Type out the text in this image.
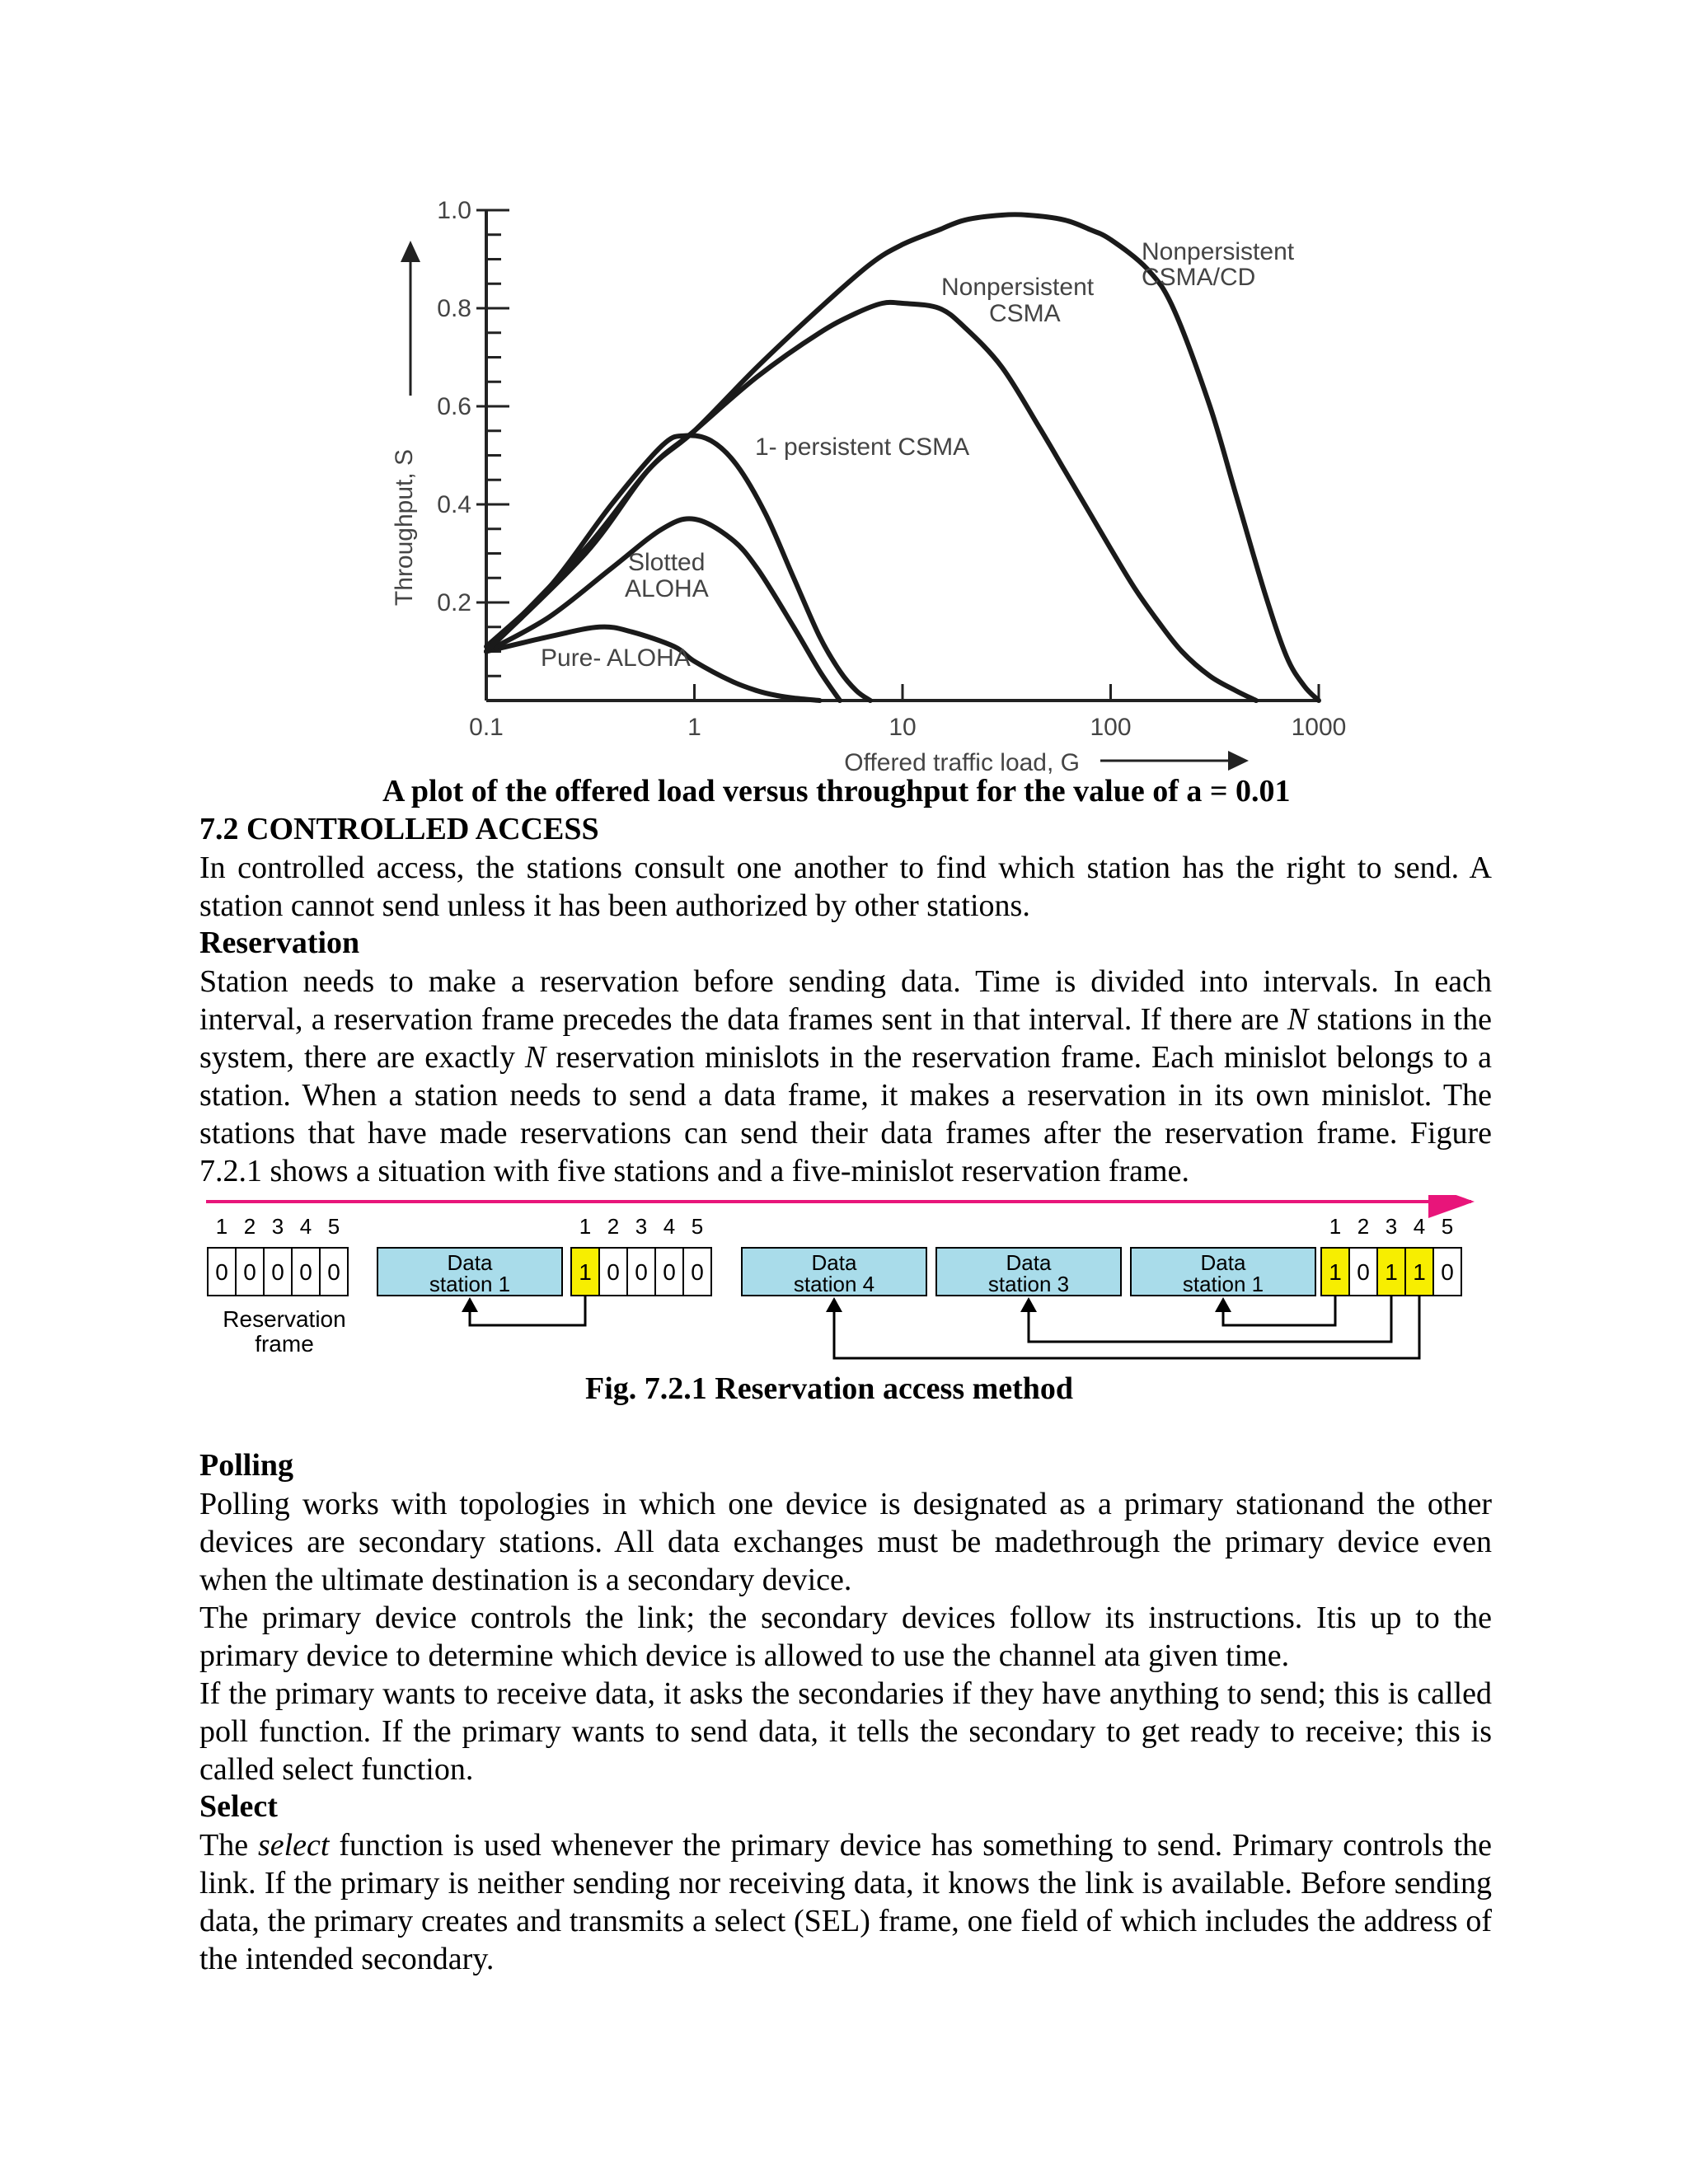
0.2
0.4
0.6
0.8
1.0
0.1	1	10	100	1000
Offered traffic load, G
Throughput, S
Pure- ALOHA
Slotted
ALOHA
1- persistent CSMA
Nonpersistent
CSMA
Nonpersistent
CSMA/CD
A plot of the offered load versus throughput for the value of a = 0.01
7.2 CONTROLLED ACCESS

In controlled access, the stations consult one another to find which station has the right to send. A station cannot send unless it has been authorized by other stations.

Reservation

Station needs to make a reservation before sending data. Time is divided into intervals. In each interval, a reservation frame precedes the data frames sent in that interval. If there are N stations in the system, there are exactly N reservation minislots in the reservation frame. Each minislot belongs to a station. When a station needs to send a data frame, it makes a reservation in its own minislot. The stations that have made reservations can send their data frames after the reservation frame. Figure 7.2.1 shows a situation with five stations and a five-minislot reservation frame.

1 2 3 4 5	1 2 3 4 5	1 2 3 4 5
0 0 0 0 0	Data
station 1	1 0 0 0 0	Data
station 4
Data
station 3
Data
station 1	1 0 1 1 0
Reservation
frame
Fig. 7.2.1 Reservation access method
Polling

Polling works with topologies in which one device is designated as a primary stationand the other devices are secondary stations. All data exchanges must be madethrough the primary device even when the ultimate destination is a secondary device.

The primary device controls the link; the secondary devices follow its instructions. Itis up to the primary device to determine which device is allowed to use the channel ata given time.

If the primary wants to receive data, it asks the secondaries if they have anything to send; this is called poll function. If the primary wants to send data, it tells the secondary to get ready to receive; this is called select function.

Select

The select function is used whenever the primary device has something to send. Primary controls the link. If the primary is neither sending nor receiving data, it knows the link is available. Before sending data, the primary creates and transmits a select (SEL) frame, one field of which includes the address of the intended secondary.
